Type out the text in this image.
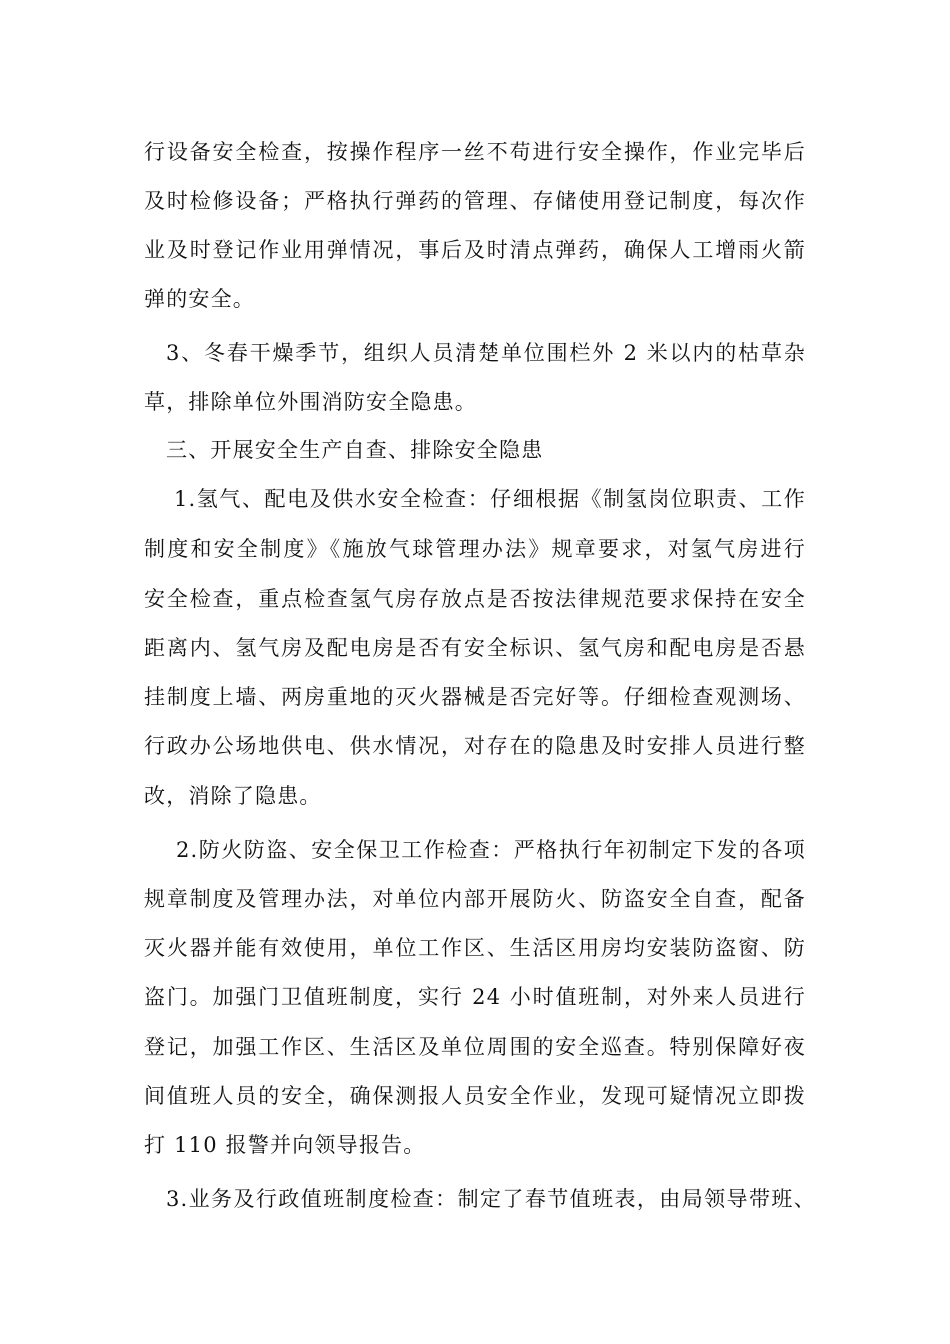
行设备安全检查，按操作程序一丝不苟进行安全操作，作业完毕后
及时检修设备；严格执行弹药的管理、存储使用登记制度，每次作
业及时登记作业用弹情况，事后及时清点弹药，确保人工增雨火箭
弹的安全。
3、冬春干燥季节，组织人员清楚单位围栏外 2 米以内的枯草杂
草，排除单位外围消防安全隐患。
三、开展安全生产自查、排除安全隐患
1.氢气、配电及供水安全检查：仔细根据《制氢岗位职责、工作
制度和安全制度》《施放气球管理办法》规章要求，对氢气房进行
安全检查，重点检查氢气房存放点是否按法律规范要求保持在安全
距离内、氢气房及配电房是否有安全标识、氢气房和配电房是否悬
挂制度上墙、两房重地的灭火器械是否完好等。仔细检查观测场、
行政办公场地供电、供水情况，对存在的隐患及时安排人员进行整
改，消除了隐患。
2.防火防盗、安全保卫工作检查：严格执行年初制定下发的各项
规章制度及管理办法，对单位内部开展防火、防盗安全自查，配备
灭火器并能有效使用，单位工作区、生活区用房均安装防盗窗、防
盗门。加强门卫值班制度，实行 24 小时值班制，对外来人员进行
登记，加强工作区、生活区及单位周围的安全巡查。特别保障好夜
间值班人员的安全，确保测报人员安全作业，发现可疑情况立即拨
打 110 报警并向领导报告。
3.业务及行政值班制度检查：制定了春节值班表，由局领导带班、
